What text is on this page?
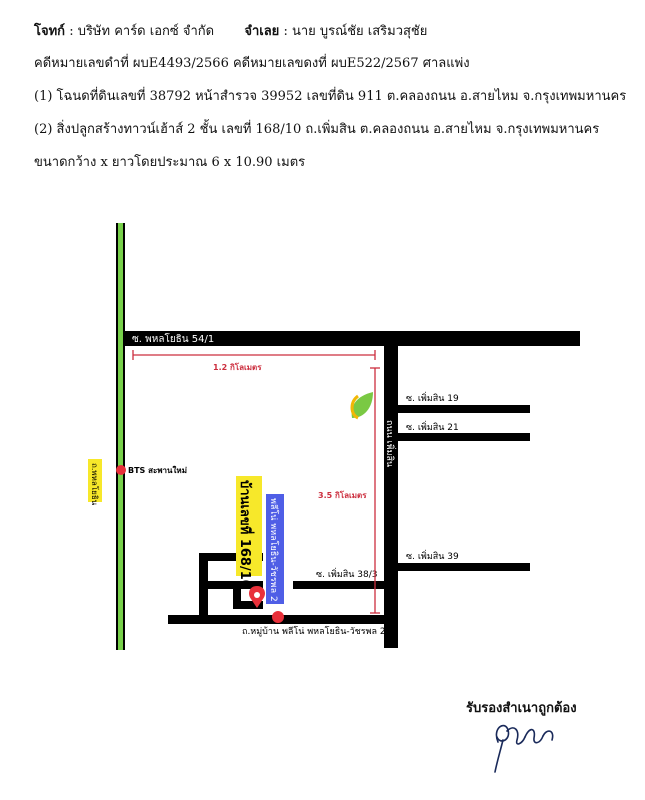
โจทก์ : บริษัท คาร์ด เอกซ์ จำกัด จำเลย : นาย บูรณ์ชัย เสริมวสุชัย
คดีหมายเลขดำที่ ผบE4493/2566 คดีหมายเลขดงที่ ผบE522/2567 ศาลแพ่ง
(1) โฉนดที่ดินเลขที่ 38792 หน้าสำรวจ 39952 เลขที่ดิน 911 ต.คลองถนน อ.สายไหม จ.กรุงเทพมหานคร
(2) สิ่งปลูกสร้างทาวน์เฮ้าส์ 2 ชั้น เลขที่ 168/10 ถ.เพิ่มสิน ต.คลองถนน อ.สายไหม จ.กรุงเทพมหานคร
ขนาดกว้าง x ยาวโดยประมาณ 6 x 10.90 เมตร
ซ. พหลโยธิน 54/1
ถนน เพิ่มสิน
ซ. เพิ่มสิน 19
ซ. เพิ่มสิน 21
ซ. เพิ่มสิน 39
ซ. เพิ่มสิน 38/3
ถ.หมู่บ้าน พลีโน่ พหลโยธิน-วัชรพล 2
1.2 กิโลเมตร
3.5 กิโลเมตร
ถ.พหลโยธิน	BTS สะพานใหม่
บ้านเลขที่ 168/10	พลีโน่ พหลโยธิน-วัชรพล 2
รับรองสำเนาถูกต้อง
